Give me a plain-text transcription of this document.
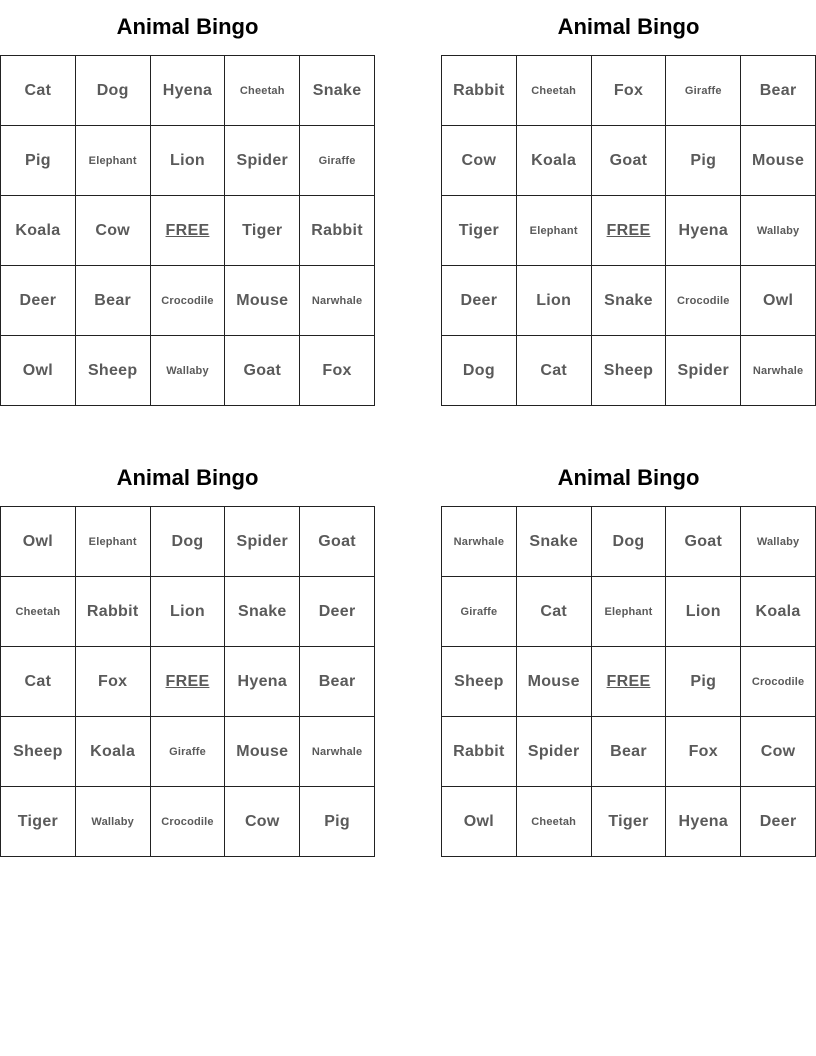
Animal Bingo
Cat	Dog	Hyena	Cheetah	Snake
Pig	Elephant	Lion	Spider	Giraffe
Koala	Cow	FREE	Tiger	Rabbit
Deer	Bear	Crocodile	Mouse	Narwhale
Owl	Sheep	Wallaby	Goat	Fox
Animal Bingo
Rabbit	Cheetah	Fox	Giraffe	Bear
Cow	Koala	Goat	Pig	Mouse
Tiger	Elephant	FREE	Hyena	Wallaby
Deer	Lion	Snake	Crocodile	Owl
Dog	Cat	Sheep	Spider	Narwhale
Animal Bingo
Owl	Elephant	Dog	Spider	Goat
Cheetah	Rabbit	Lion	Snake	Deer
Cat	Fox	FREE	Hyena	Bear
Sheep	Koala	Giraffe	Mouse	Narwhale
Tiger	Wallaby	Crocodile	Cow	Pig
Animal Bingo
Narwhale	Snake	Dog	Goat	Wallaby
Giraffe	Cat	Elephant	Lion	Koala
Sheep	Mouse	FREE	Pig	Crocodile
Rabbit	Spider	Bear	Fox	Cow
Owl	Cheetah	Tiger	Hyena	Deer
